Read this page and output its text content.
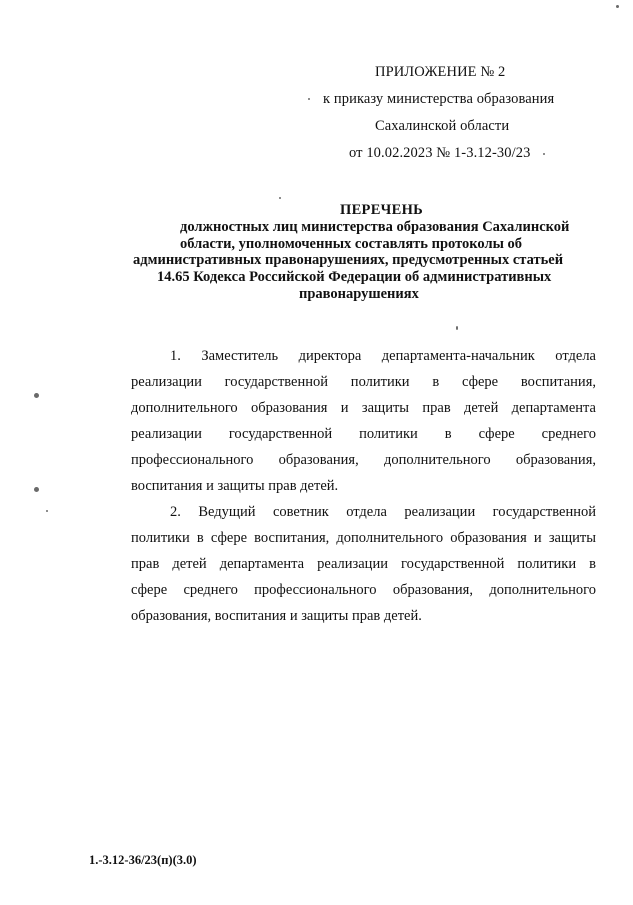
ПРИЛОЖЕНИЕ № 2
к приказу министерства образования
Сахалинской области
от 10.02.2023 № 1-3.12-30/23
ПЕРЕЧЕНЬ
должностных лиц министерства образования Сахалинской
области, уполномоченных составлять протоколы об
административных правонарушениях, предусмотренных статьей
14.65 Кодекса Российской Федерации об административных
правонарушениях
1. Заместитель директора департамента-начальник отдела
реализации государственной политики в сфере воспитания,
дополнительного образования и защиты прав детей департамента
реализации государственной политики в сфере среднего
профессионального образования, дополнительного образования,
воспитания и защиты прав детей.
2. Ведущий советник отдела реализации государственной
политики в сфере воспитания, дополнительного образования и защиты
прав детей департамента реализации государственной политики в
сфере среднего профессионального образования, дополнительного
образования, воспитания и защиты прав детей.
1.-3.12-36/23(п)(3.0)
